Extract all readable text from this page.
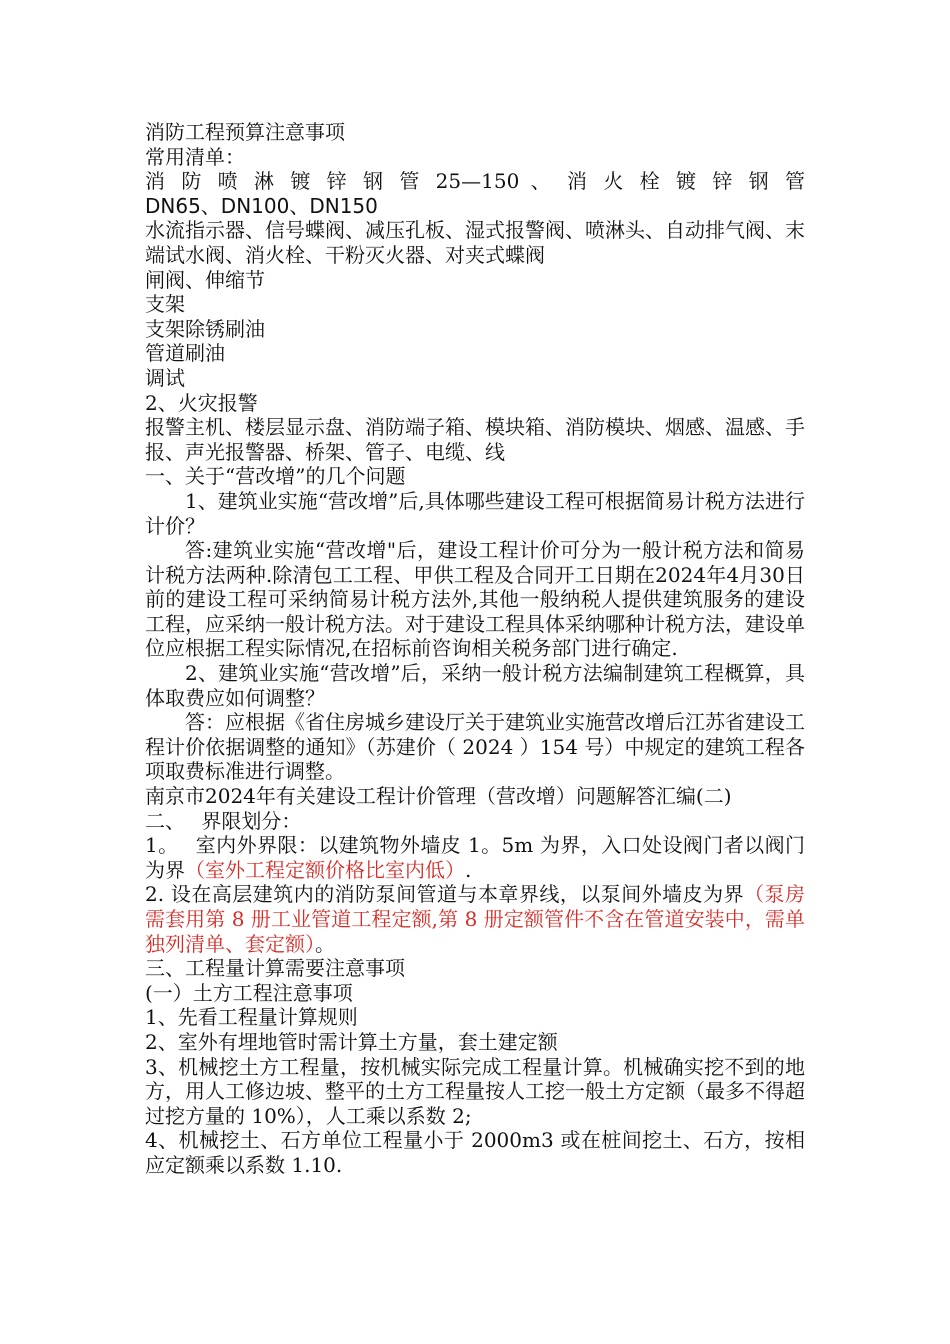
消防工程预算注意事项
常用清单：
消 防 喷 淋 镀 锌 钢 管 25—150 、 消 火 栓 镀 锌 钢 管
DN65、DN100、DN150
水流指示器、信号蝶阀、减压孔板、湿式报警阀、喷淋头、自动排气阀、末端试水阀、消火栓、干粉灭火器、对夹式蝶阀
闸阀、伸缩节
支架
支架除锈刷油
管道刷油
调试
2、火灾报警
报警主机、楼层显示盘、消防端子箱、模块箱、消防模块、烟感、温感、手报、声光报警器、桥架、管子、电缆、线
一、关于“营改增”的几个问题
1、建筑业实施“营改增”后,具体哪些建设工程可根据简易计税方法进行计价？
答:建筑业实施“营改增"后，建设工程计价可分为一般计税方法和简易计税方法两种.除清包工工程、甲供工程及合同开工日期在2024年4月30日前的建设工程可采纳简易计税方法外,其他一般纳税人提供建筑服务的建设工程，应采纳一般计税方法。对于建设工程具体采纳哪种计税方法，建设单位应根据工程实际情况,在招标前咨询相关税务部门进行确定.
2、建筑业实施“营改增”后，采纳一般计税方法编制建筑工程概算，具体取费应如何调整？
答：应根据《省住房城乡建设厅关于建筑业实施营改增后江苏省建设工程计价依据调整的通知》（苏建价（ 2024 ）154 号）中规定的建筑工程各项取费标准进行调整。
南京市2024年有关建设工程计价管理（营改增）问题解答汇编(二)
二、　 界限划分：
1。　 室内外界限：以建筑物外墙皮 1。5m 为界，入口处设阀门者以阀门为界（室外工程定额价格比室内低）.
2. 设在高层建筑内的消防泵间管道与本章界线，以泵间外墙皮为界（泵房需套用第 8 册工业管道工程定额,第 8 册定额管件不含在管道安装中，需单独列清单、套定额）。
三、工程量计算需要注意事项
(一）土方工程注意事项
1、先看工程量计算规则
2、室外有埋地管时需计算土方量，套土建定额
3、机械挖土方工程量，按机械实际完成工程量计算。机械确实挖不到的地方，用人工修边坡、整平的土方工程量按人工挖一般土方定额（最多不得超过挖方量的 10%），人工乘以系数 2;
4、机械挖土、石方单位工程量小于 2000m3 或在桩间挖土、石方，按相应定额乘以系数 1.10.
